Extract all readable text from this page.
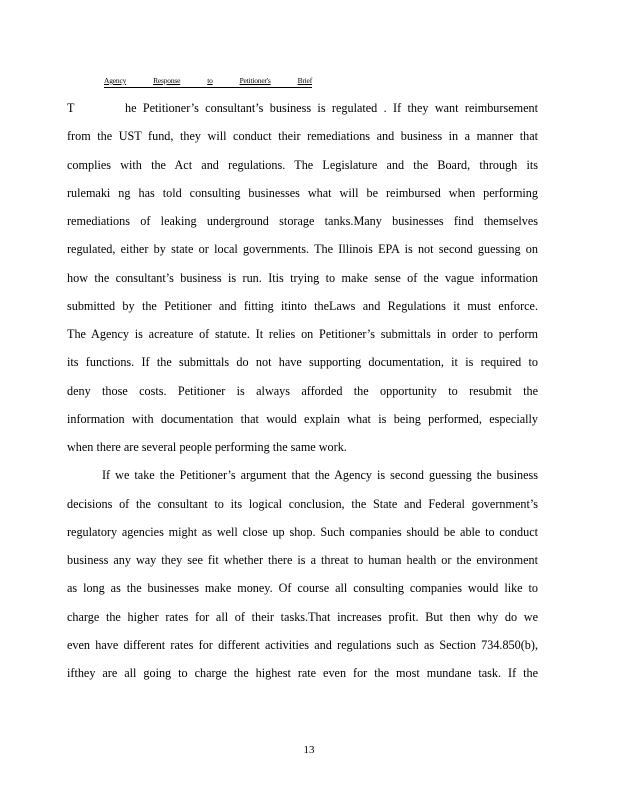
Agency	Response	to	Petitioner's	Brief
T	he Petitioner’s consultant’s business is regulated . If they want reimbursement
from the UST fund, they will conduct their remediations and business in a manner that
complies with the Act and regulations. The Legislature and the Board, through its
rulemaki ng has told consulting businesses what will be reimbursed when performing
remediations of leaking underground storage tanks.Many businesses find themselves
regulated, either by state or local governments. The Illinois EPA is not second guessing on
how the consultant’s business is run. Itis trying to make sense of the vague information
submitted by the Petitioner and fitting itinto theLaws and Regulations it must enforce.
The Agency is acreature of statute. It relies on Petitioner’s submittals in order to perform
its functions. If the submittals do not have supporting documentation, it is required to
deny those costs. Petitioner is always afforded the opportunity to resubmit the
information with documentation that would explain what is being performed, especially
when there are several people performing the same work.
If we take the Petitioner’s argument that the Agency is second guessing the business
decisions of the consultant to its logical conclusion, the State and Federal government’s
regulatory agencies might as well close up shop. Such companies should be able to conduct
business any way they see fit whether there is a threat to human health or the environment
as long as the businesses make money. Of course all consulting companies would like to
charge the higher rates for all of their tasks.That increases profit. But then why do we
even have different rates for different activities and regulations such as Section 734.850(b),
ifthey are all going to charge the highest rate even for the most mundane task. If the
13
